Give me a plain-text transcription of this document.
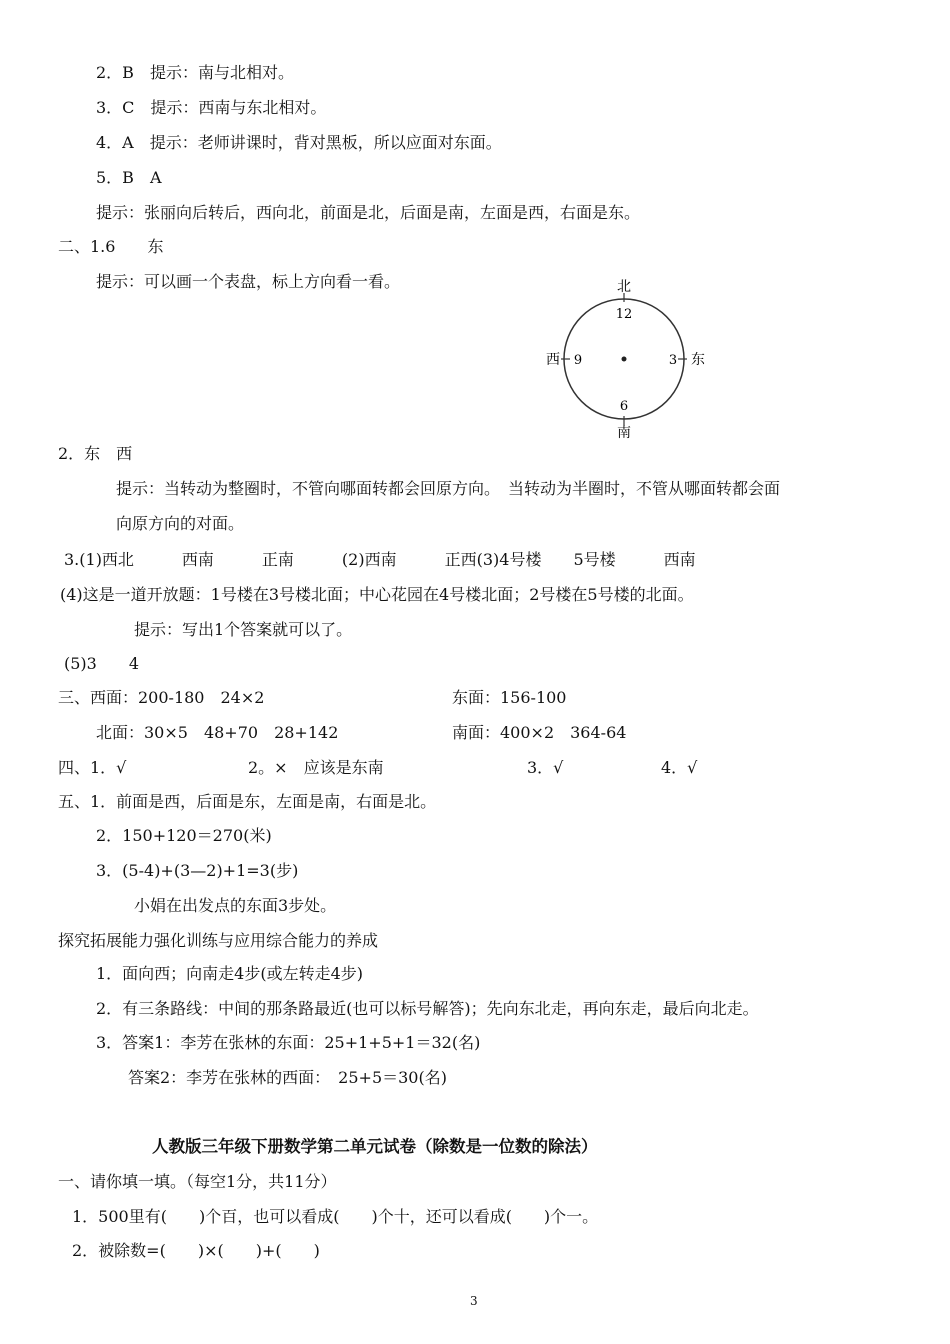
2．B　提示：南与北相对。
3．C　提示：西南与东北相对。
4．A　提示：老师讲课时，背对黑板，所以应面对东面。
5．B　A
提示：张丽向后转后，西向北，前面是北，后面是南，左面是西，右面是东。
二、1.6　　东
提示：可以画一个表盘，标上方向看一看。	北
12
6
南
西 9	3 东
2．东　西
提示：当转动为整圈时，不管向哪面转都会回原方向。　当转动为半圈时，不管从哪面转都会面
向原方向的对面。
3.(1)西北　　　西南　　　正南　　　(2)西南　　　正西(3)4号楼　　5号楼　　　西南
(4)这是一道开放题：1号楼在3号楼北面；中心花园在4号楼北面；2号楼在5号楼的北面。
提示：写出1个答案就可以了。
(5)3　　4
三、西面：200-180　24×2	东面：156-100
北面：30×5　48+70　28+142	南面：400×2　364-64
四、1．√	2。×　应该是东南	3．√	4．√
五、1．前面是西，后面是东，左面是南，右面是北。
2．150+120＝270(米)
3．(5-4)+(3—2)+1=3(步)
小娟在出发点的东面3步处。
探究拓展能力强化训练与应用综合能力的养成
1．面向西；向南走4步(或左转走4步)
2．有三条路线：中间的那条路最近(也可以标号解答)；先向东北走，再向东走，最后向北走。
3．答案1：李芳在张林的东面：25+1+5+1＝32(名)
答案2：李芳在张林的西面：　25+5＝30(名)
人教版三年级下册数学第二单元试卷（除数是一位数的除法）
一、请你填一填。（每空1分，共11分）
1．500里有(　　)个百，也可以看成(　　)个十，还可以看成(　　)个一。
2．被除数=(　　)×(　　)+(　　)
3
